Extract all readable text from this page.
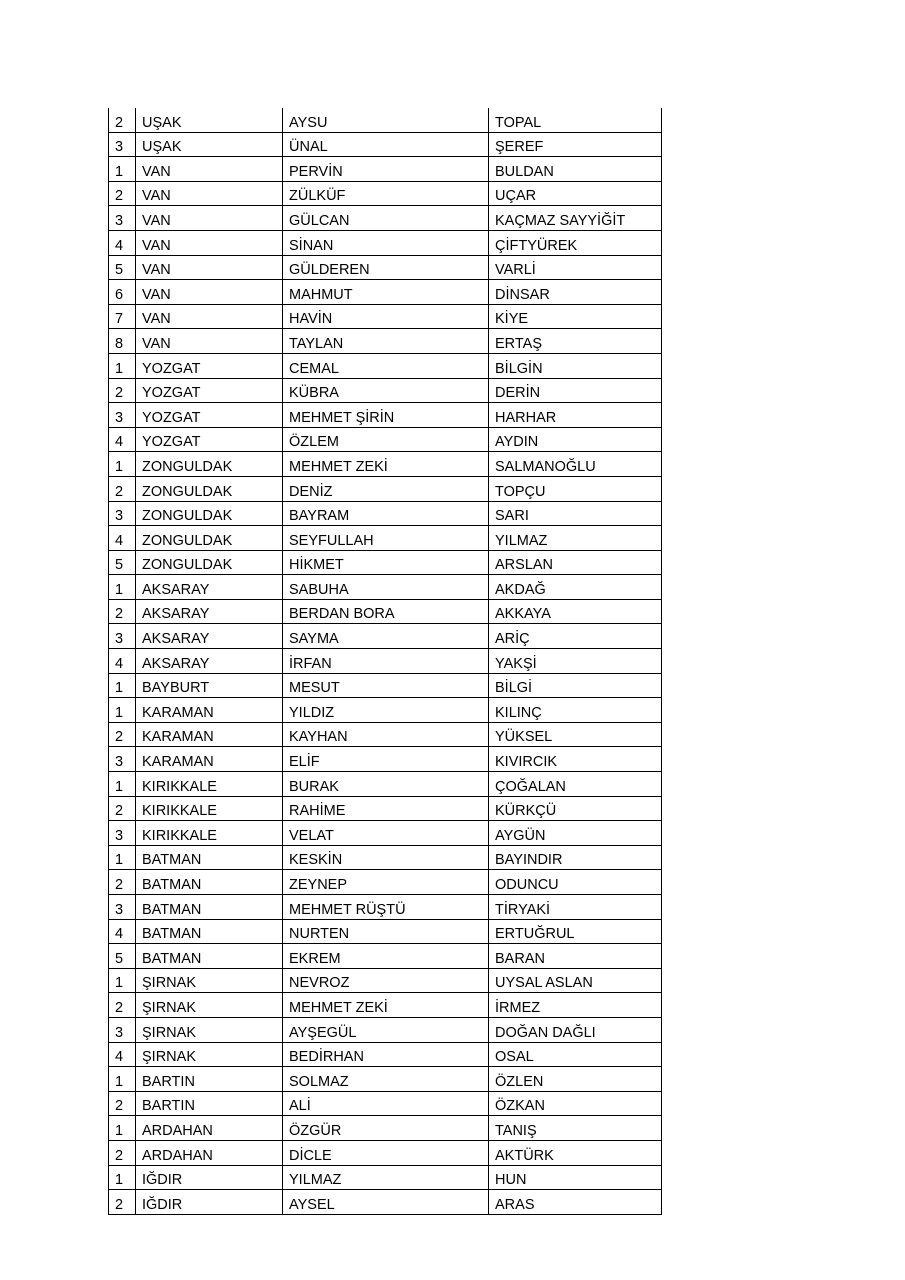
2	UŞAK	AYSU	TOPAL
3	UŞAK	ÜNAL	ŞEREF
1	VAN	PERVİN	BULDAN
2	VAN	ZÜLKÜF	UÇAR
3	VAN	GÜLCAN	KAÇMAZ SAYYİĞİT
4	VAN	SİNAN	ÇİFTYÜREK
5	VAN	GÜLDEREN	VARLİ
6	VAN	MAHMUT	DİNSAR
7	VAN	HAVİN	KİYE
8	VAN	TAYLAN	ERTAŞ
1	YOZGAT	CEMAL	BİLGİN
2	YOZGAT	KÜBRA	DERİN
3	YOZGAT	MEHMET ŞİRİN	HARHAR
4	YOZGAT	ÖZLEM	AYDIN
1	ZONGULDAK	MEHMET ZEKİ	SALMANOĞLU
2	ZONGULDAK	DENİZ	TOPÇU
3	ZONGULDAK	BAYRAM	SARI
4	ZONGULDAK	SEYFULLAH	YILMAZ
5	ZONGULDAK	HİKMET	ARSLAN
1	AKSARAY	SABUHA	AKDAĞ
2	AKSARAY	BERDAN BORA	AKKAYA
3	AKSARAY	SAYMA	ARİÇ
4	AKSARAY	İRFAN	YAKŞİ
1	BAYBURT	MESUT	BİLGİ
1	KARAMAN	YILDIZ	KILINÇ
2	KARAMAN	KAYHAN	YÜKSEL
3	KARAMAN	ELİF	KIVIRCIK
1	KIRIKKALE	BURAK	ÇOĞALAN
2	KIRIKKALE	RAHİME	KÜRKÇÜ
3	KIRIKKALE	VELAT	AYGÜN
1	BATMAN	KESKİN	BAYINDIR
2	BATMAN	ZEYNEP	ODUNCU
3	BATMAN	MEHMET RÜŞTÜ	TİRYAKİ
4	BATMAN	NURTEN	ERTUĞRUL
5	BATMAN	EKREM	BARAN
1	ŞIRNAK	NEVROZ	UYSAL ASLAN
2	ŞIRNAK	MEHMET ZEKİ	İRMEZ
3	ŞIRNAK	AYŞEGÜL	DOĞAN DAĞLI
4	ŞIRNAK	BEDİRHAN	OSAL
1	BARTIN	SOLMAZ	ÖZLEN
2	BARTIN	ALİ	ÖZKAN
1	ARDAHAN	ÖZGÜR	TANIŞ
2	ARDAHAN	DİCLE	AKTÜRK
1	IĞDIR	YILMAZ	HUN
2	IĞDIR	AYSEL	ARAS
